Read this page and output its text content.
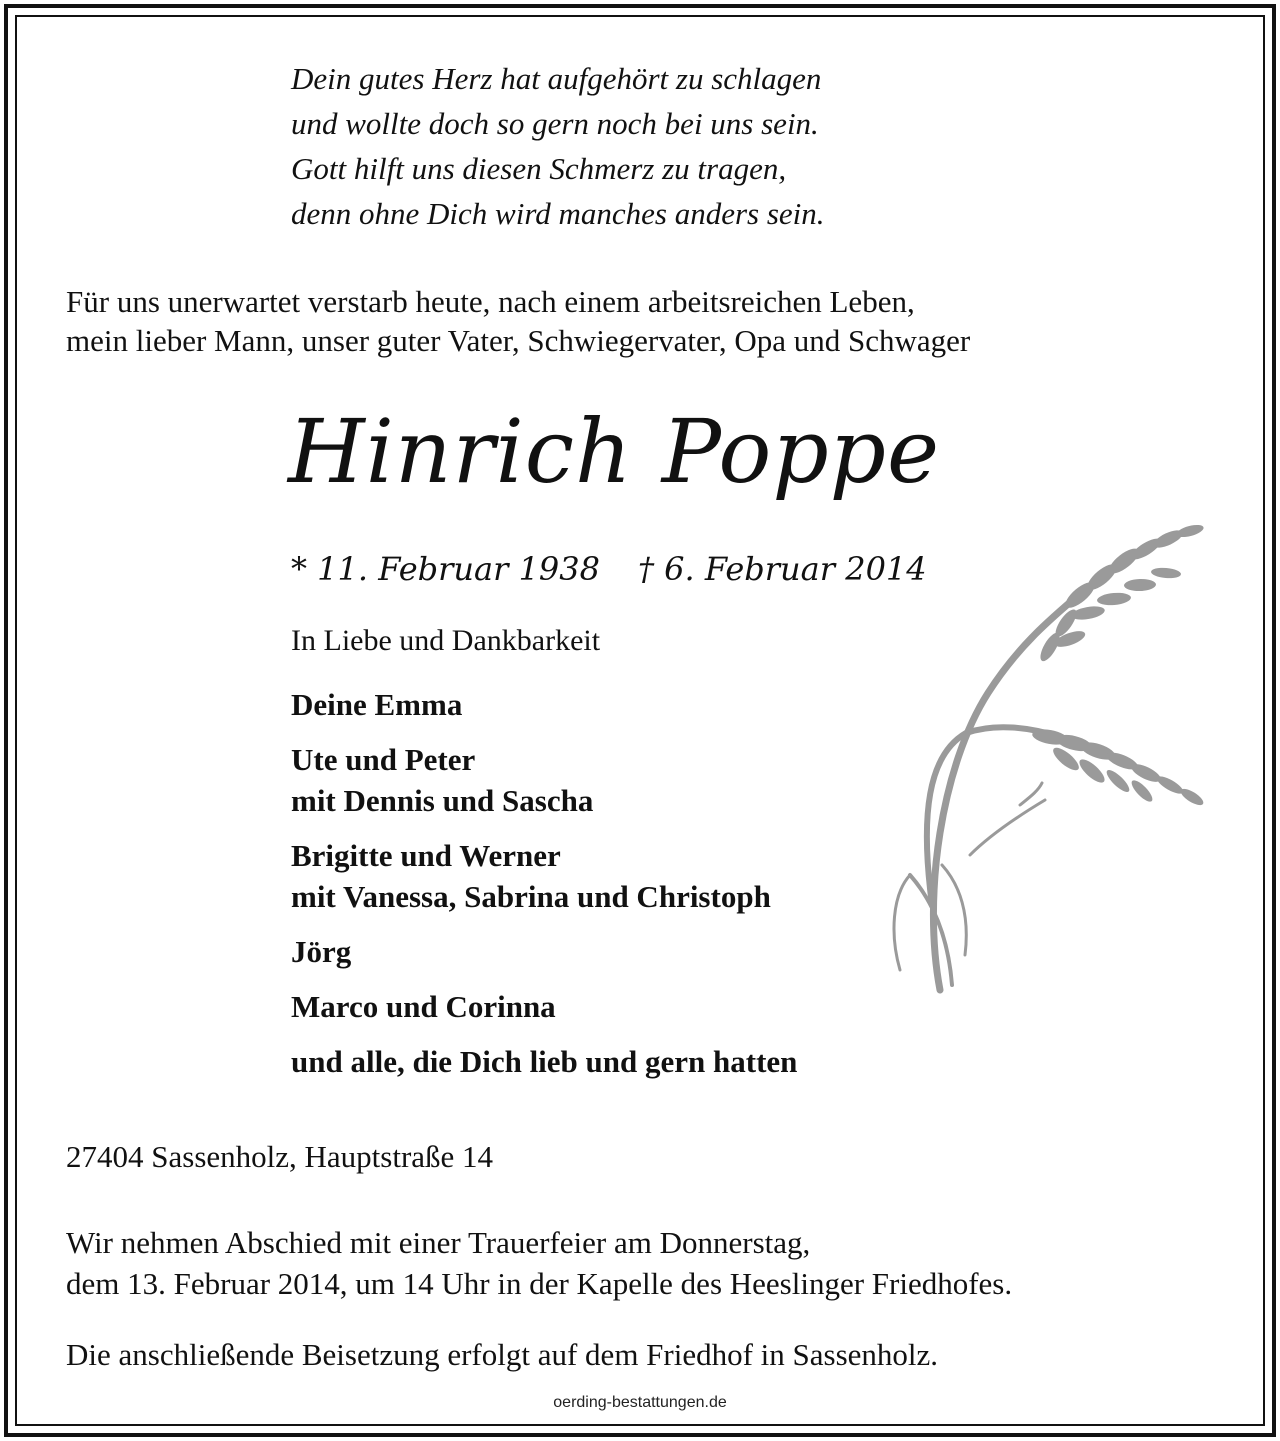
Dein gutes Herz hat aufgehört zu schlagen
und wollte doch so gern noch bei uns sein.
Gott hilft uns diesen Schmerz zu tragen,
denn ohne Dich wird manches anders sein.
Für uns unerwartet verstarb heute, nach einem arbeitsreichen Leben,
mein lieber Mann, unser guter Vater, Schwiegervater, Opa und Schwager
Hinrich Poppe
* 11. Februar 1938 † 6. Februar 2014
In Liebe und Dankbarkeit
Deine Emma
Ute und Peter
mit Dennis und Sascha
Brigitte und Werner
mit Vanessa, Sabrina und Christoph
Jörg
Marco und Corinna
und alle, die Dich lieb und gern hatten
27404 Sassenholz, Hauptstraße 14
Wir nehmen Abschied mit einer Trauerfeier am Donnerstag,
dem 13. Februar 2014, um 14 Uhr in der Kapelle des Heeslinger Friedhofes.
Die anschließende Beisetzung erfolgt auf dem Friedhof in Sassenholz.
oerding-bestattungen.de
